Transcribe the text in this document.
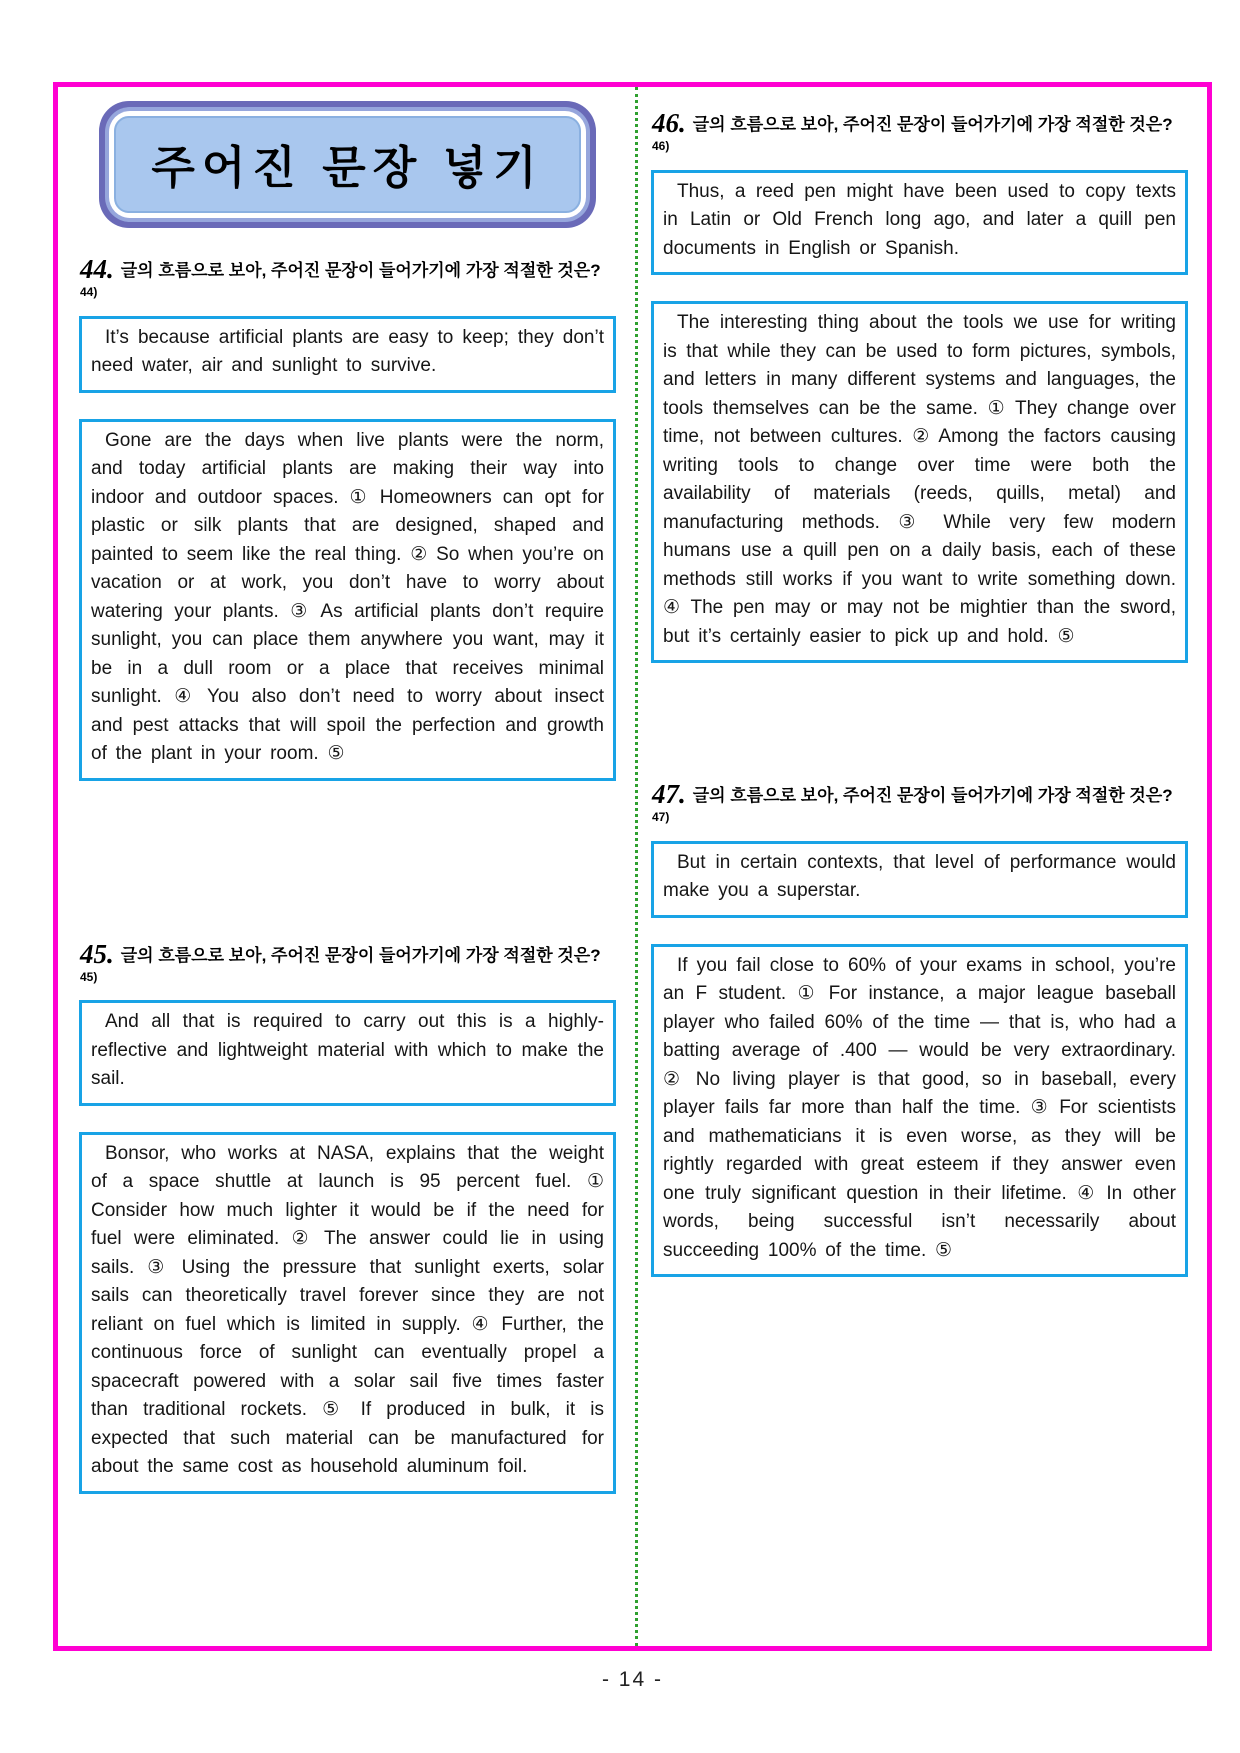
주어진 문장 넣기
44. 글의 흐름으로 보아, 주어진 문장이 들어가기에 가장 적절한 것은?$^{44)}$

It’s because artificial plants are easy to keep; they don’t need water, air and sunlight to survive.

Gone are the days when live plants were the norm, and today artificial plants are making their way into indoor and outdoor spaces. ① Homeowners can opt for plastic or silk plants that are designed, shaped and painted to seem like the real thing. ② So when you’re on vacation or at work, you don’t have to worry about watering your plants. ③ As artificial plants don’t require sunlight, you can place them anywhere you want, may it be in a dull room or a place that receives minimal sunlight. ④ You also don’t need to worry about insect and pest attacks that will spoil the perfection and growth of the plant in your room. ⑤

45. 글의 흐름으로 보아, 주어진 문장이 들어가기에 가장 적절한 것은?$^{45)}$

And all that is required to carry out this is a highly-reflective and lightweight material with which to make the sail.

Bonsor, who works at NASA, explains that the weight of a space shuttle at launch is 95 percent fuel. ① Consider how much lighter it would be if the need for fuel were eliminated. ② The answer could lie in using sails. ③ Using the pressure that sunlight exerts, solar sails can theoretically travel forever since they are not reliant on fuel which is limited in supply. ④ Further, the continuous force of sunlight can eventually propel a spacecraft powered with a solar sail five times faster than traditional rockets. ⑤ If produced in bulk, it is expected that such material can be manufactured for about the same cost as household aluminum foil.

46. 글의 흐름으로 보아, 주어진 문장이 들어가기에 가장 적절한 것은?$^{46)}$

Thus, a reed pen might have been used to copy texts in Latin or Old French long ago, and later a quill pen documents in English or Spanish.

The interesting thing about the tools we use for writing is that while they can be used to form pictures, symbols, and letters in many different systems and languages, the tools themselves can be the same. ① They change over time, not between cultures. ② Among the factors causing writing tools to change over time were both the availability of materials (reeds, quills, metal) and manufacturing methods. ③ While very few modern humans use a quill pen on a daily basis, each of these methods still works if you want to write something down. ④ The pen may or may not be mightier than the sword, but it’s certainly easier to pick up and hold. ⑤

47. 글의 흐름으로 보아, 주어진 문장이 들어가기에 가장 적절한 것은?$^{47)}$

But in certain contexts, that level of performance would make you a superstar.

If you fail close to 60% of your exams in school, you’re an F student. ① For instance, a major league baseball player who failed 60% of the time — that is, who had a batting average of .400 — would be very extraordinary. ② No living player is that good, so in baseball, every player fails far more than half the time. ③ For scientists and mathematicians it is even worse, as they will be rightly regarded with great esteem if they answer even one truly significant question in their lifetime. ④ In other words, being successful isn’t necessarily about succeeding 100% of the time. ⑤

- 14 -
